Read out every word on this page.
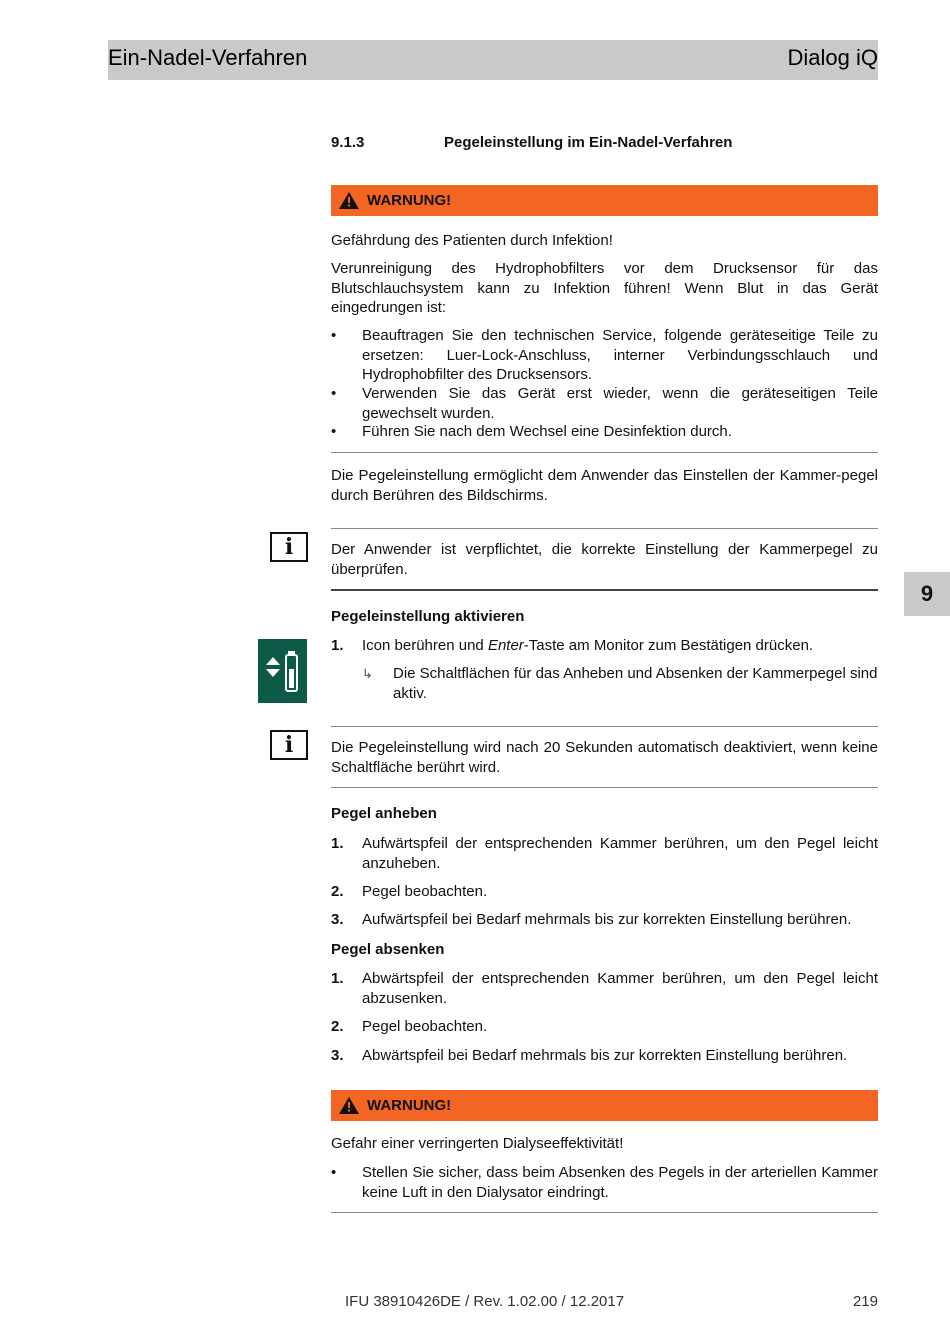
Ein-Nadel-Verfahren	Dialog iQ
9
9.1.3	Pegeleinstellung im Ein-Nadel-Verfahren
WARNUNG!
Gefährdung des Patienten durch Infektion!
Verunreinigung des Hydrophobfilters vor dem Drucksensor für das Blutschlauchsystem kann zu Infektion führen! Wenn Blut in das Gerät eingedrungen ist:
• Beauftragen Sie den technischen Service, folgende geräteseitige Teile zu ersetzen: Luer-Lock-Anschluss, interner Verbindungsschlauch und Hydrophobfilter des Drucksensors.
• Verwenden Sie das Gerät erst wieder, wenn die geräteseitigen Teile gewechselt wurden.
• Führen Sie nach dem Wechsel eine Desinfektion durch.
Die Pegeleinstellung ermöglicht dem Anwender das Einstellen der Kammer-pegel durch Berühren des Bildschirms.
i	Der Anwender ist verpflichtet, die korrekte Einstellung der Kammerpegel zu überprüfen.
Pegeleinstellung aktivieren
1. Icon berühren und Enter-Taste am Monitor zum Bestätigen drücken.
↳ Die Schaltflächen für das Anheben und Absenken der Kammerpegel sind aktiv.
i	Die Pegeleinstellung wird nach 20 Sekunden automatisch deaktiviert, wenn keine Schaltfläche berührt wird.
Pegel anheben
1. Aufwärtspfeil der entsprechenden Kammer berühren, um den Pegel leicht anzuheben.
2. Pegel beobachten.
3. Aufwärtspfeil bei Bedarf mehrmals bis zur korrekten Einstellung berühren.
Pegel absenken
1. Abwärtspfeil der entsprechenden Kammer berühren, um den Pegel leicht abzusenken.
2. Pegel beobachten.
3. Abwärtspfeil bei Bedarf mehrmals bis zur korrekten Einstellung berühren.
WARNUNG!
Gefahr einer verringerten Dialyseeffektivität!
• Stellen Sie sicher, dass beim Absenken des Pegels in der arteriellen Kammer keine Luft in den Dialysator eindringt.
IFU 38910426DE / Rev. 1.02.00 / 12.2017	219
